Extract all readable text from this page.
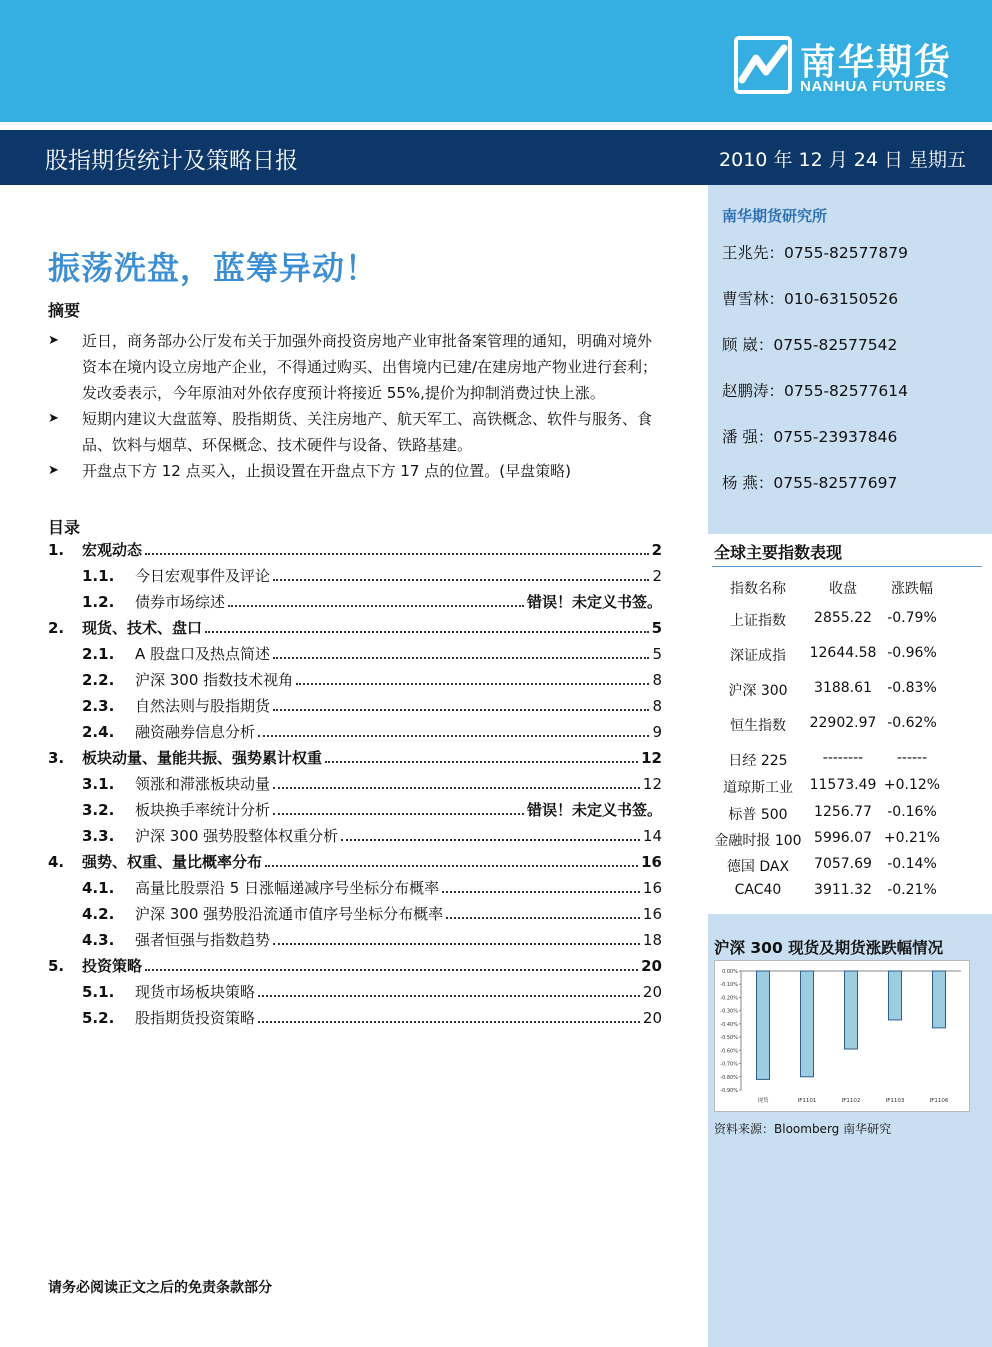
南华期货
NANHUA FUTURES
股指期货统计及策略日报	2010 年 12 月 24 日 星期五
振荡洗盘，蓝筹异动！
摘要
➤	近日，商务部办公厅发布关于加强外商投资房地产业审批备案管理的通知，明确对境外资本在境内设立房地产企业，不得通过购买、出售境内已建/在建房地产物业进行套利；发改委表示，今年原油对外依存度预计将接近 55%,提价为抑制消费过快上涨。
➤	短期内建议大盘蓝筹、股指期货、关注房地产、航天军工、高铁概念、软件与服务、食品、饮料与烟草、环保概念、技术硬件与设备、铁路基建。
➤	开盘点下方 12 点买入，止损设置在开盘点下方 17 点的位置。(早盘策略)
目录
1. 宏观动态	2
1.1. 今日宏观事件及评论	2
1.2. 债券市场综述	错误！未定义书签。
2. 现货、技术、盘口	5
2.1. A 股盘口及热点简述	5
2.2. 沪深 300 指数技术视角	8
2.3. 自然法则与股指期货	8
2.4. 融资融券信息分析	9
3. 板块动量、量能共振、强势累计权重	12
3.1. 领涨和滞涨板块动量	12
3.2. 板块换手率统计分析	错误！未定义书签。
3.3. 沪深 300 强势股整体权重分析	14
4. 强势、权重、量比概率分布	16
4.1. 高量比股票沿 5 日涨幅递减序号坐标分布概率	16
4.2. 沪深 300 强势股沿流通市值序号坐标分布概率	16
4.3. 强者恒强与指数趋势	18
5. 投资策略	20
5.1. 现货市场板块策略	20
5.2. 股指期货投资策略	20
南华期货研究所
王兆先：0755-82577879
曹雪林：010-63150526
顾 崴：0755-82577542
赵鹏涛：0755-82577614
潘 强：0755-23937846
杨 燕：0755-82577697
全球主要指数表现
指数名称	收盘	涨跌幅
上证指数	2855.22	-0.79%
深证成指	12644.58 -0.96%
沪深 300	3188.61	-0.83%
恒生指数	22902.97 -0.62%
日经 225	--------	------
道琼斯工业	11573.49 +0.12%
标普 500	1256.77	-0.16%
金融时报 100 5996.07 +0.21%
德国 DAX	7057.69	-0.14%
CAC40	3911.32	-0.21%
沪深 300 现货及期货涨跌幅情况
0.00%
-0.10%
-0.20%
-0.30%
-0.40%
-0.50%
-0.60%
-0.70%
-0.80%
-0.90%
现货	IF1101	IF1102	IF1103	IF1106
资料来源：Bloomberg 南华研究
请务必阅读正文之后的免责条款部分
